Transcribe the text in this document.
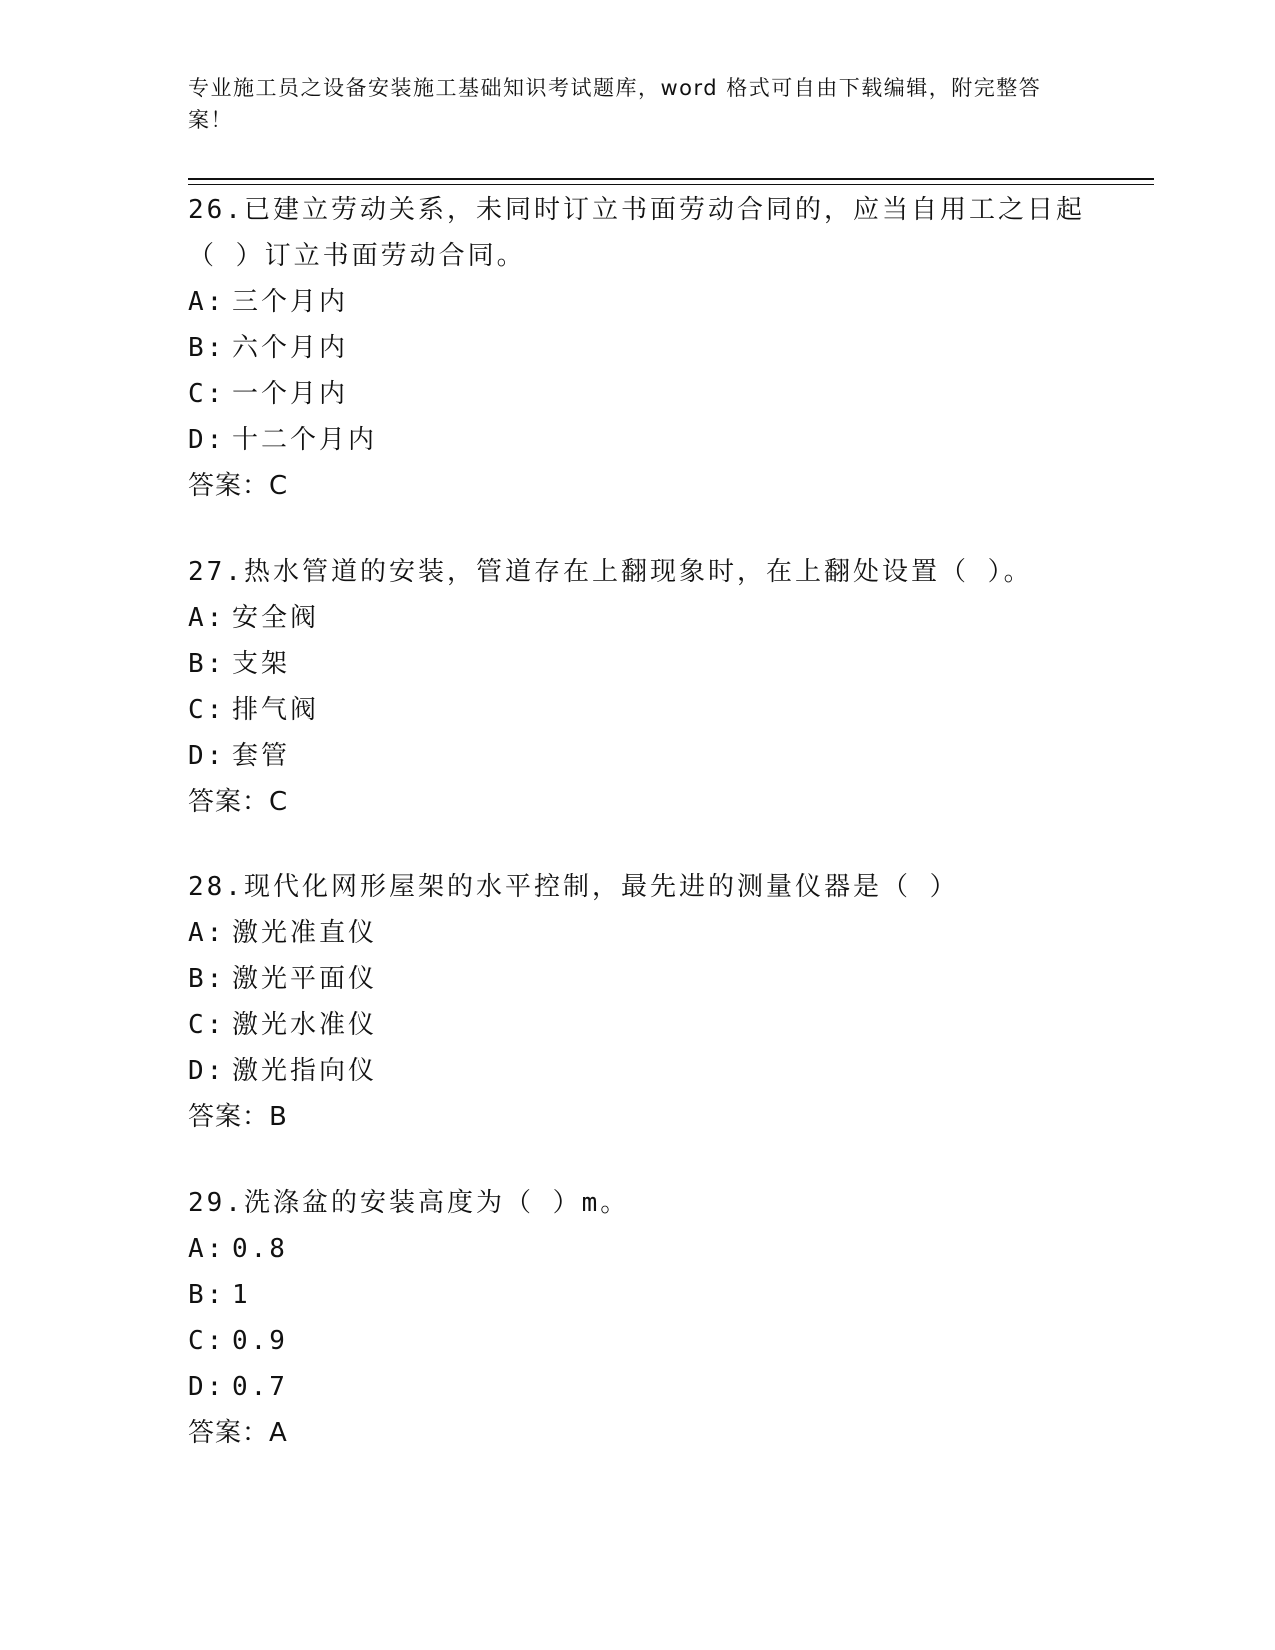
专业施工员之设备安装施工基础知识考试题库，word 格式可自由下载编辑，附完整答案！

26.已建立劳动关系，未同时订立书面劳动合同的，应当自用工之日起（ ）订立书面劳动合同。

A: 三个月内
B: 六个月内
C: 一个月内
D: 十二个月内
答案：C

27.热水管道的安装，管道存在上翻现象时，在上翻处设置（ ）。

A: 安全阀
B: 支架
C: 排气阀
D: 套管
答案：C

28.现代化网形屋架的水平控制，最先进的测量仪器是（ ）

A: 激光准直仪
B: 激光平面仪
C: 激光水准仪
D: 激光指向仪
答案：B

29.洗涤盆的安装高度为（ ）m。

A: 0.8
B: 1
C: 0.9
D: 0.7
答案：A
